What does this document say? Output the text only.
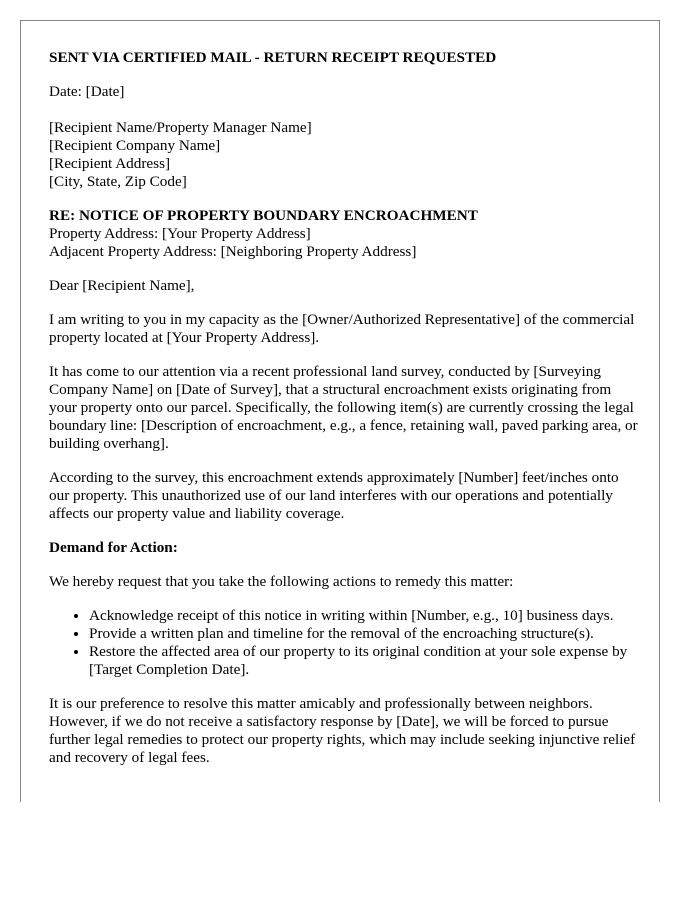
SENT VIA CERTIFIED MAIL - RETURN RECEIPT REQUESTED

Date: [Date]

[Recipient Name/Property Manager Name]

[Recipient Company Name]

[Recipient Address]

[City, State, Zip Code]

RE: NOTICE OF PROPERTY BOUNDARY ENCROACHMENT

Property Address: [Your Property Address]

Adjacent Property Address: [Neighboring Property Address]

Dear [Recipient Name],

I am writing to you in my capacity as the [Owner/Authorized Representative] of the commercial property located at [Your Property Address].

It has come to our attention via a recent professional land survey, conducted by [Surveying Company Name] on [Date of Survey], that a structural encroachment exists originating from your property onto our parcel. Specifically, the following item(s) are currently crossing the legal boundary line: [Description of encroachment, e.g., a fence, retaining wall, paved parking area, or building overhang].

According to the survey, this encroachment extends approximately [Number] feet/inches onto our property. This unauthorized use of our land interferes with our operations and potentially affects our property value and liability coverage.

Demand for Action:

We hereby request that you take the following actions to remedy this matter:

• Acknowledge receipt of this notice in writing within [Number, e.g., 10] business days.
• Provide a written plan and timeline for the removal of the encroaching structure(s).
• Restore the affected area of our property to its original condition at your sole expense by [Target Completion Date].

It is our preference to resolve this matter amicably and professionally between neighbors. However, if we do not receive a satisfactory response by [Date], we will be forced to pursue further legal remedies to protect our property rights, which may include seeking injunctive relief and recovery of legal fees.
